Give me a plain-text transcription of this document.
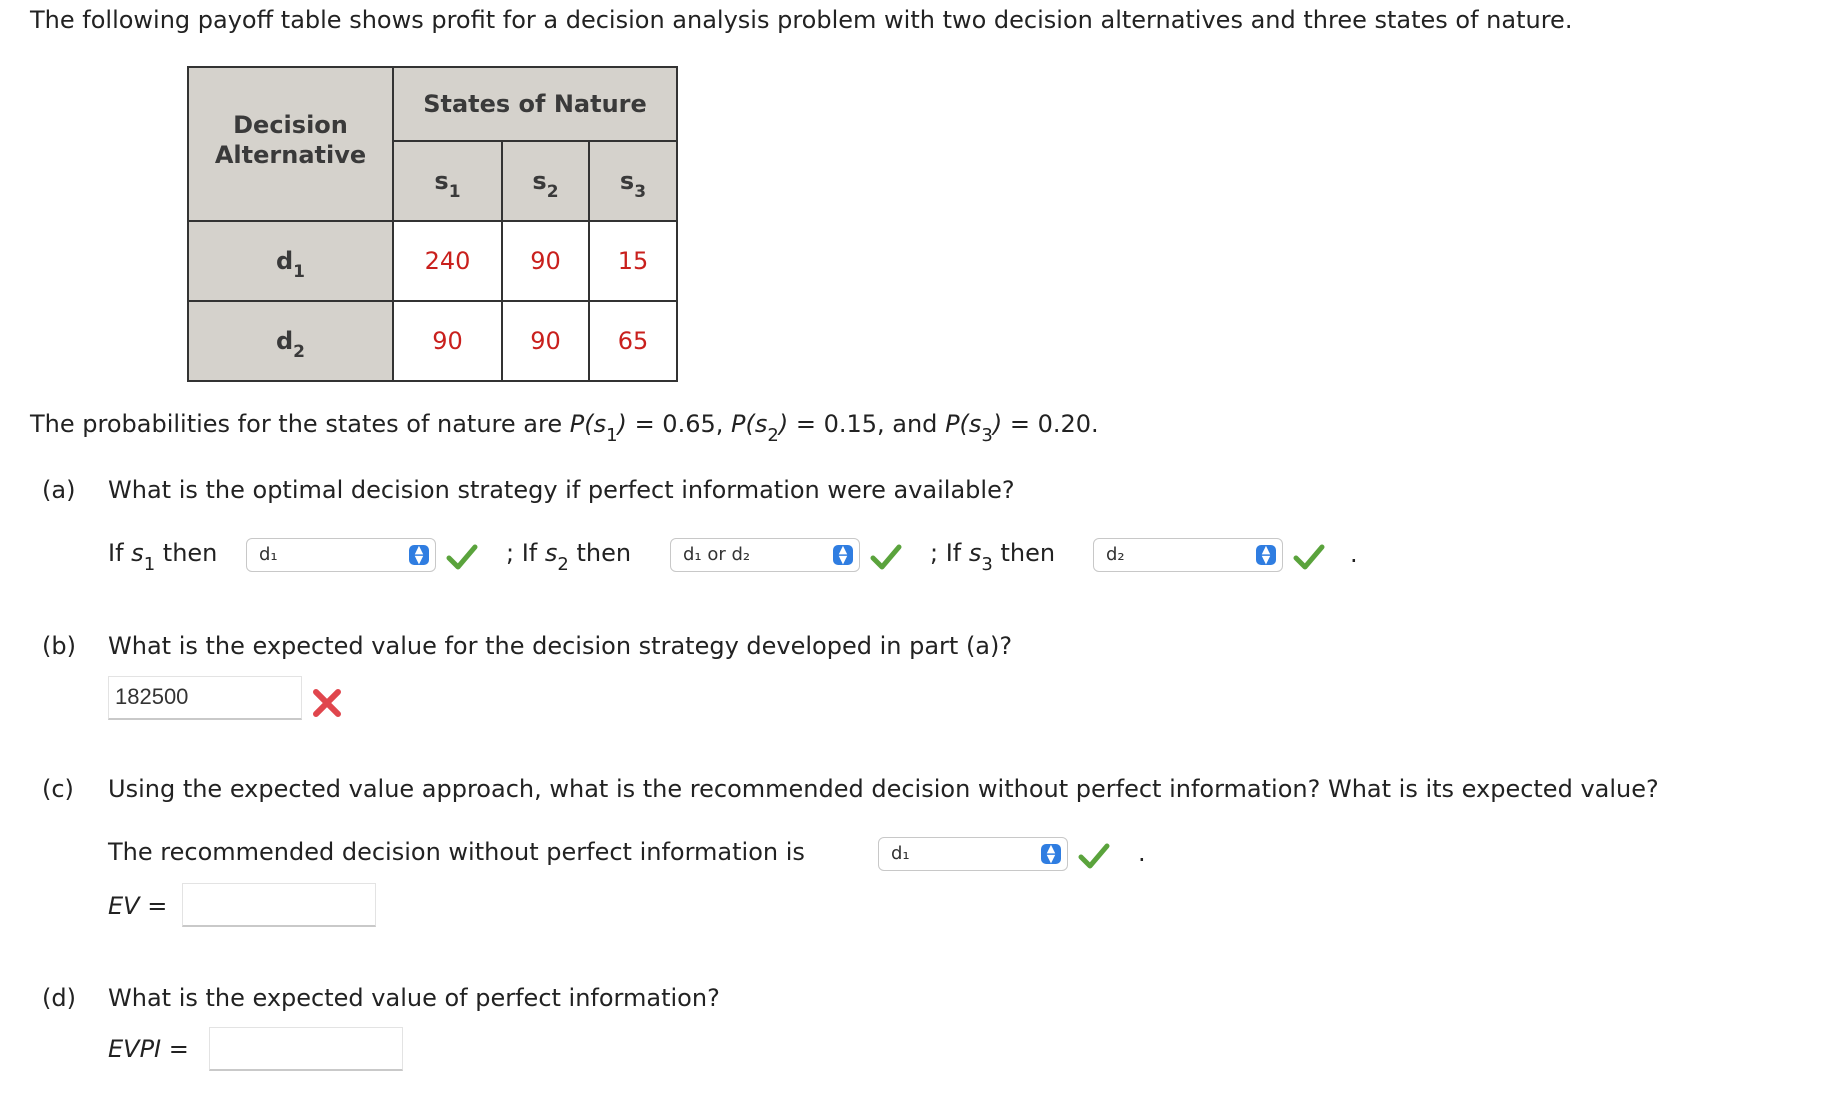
The following payoff table shows profit for a decision analysis problem with two decision alternatives and three states of nature.
Decision
Alternative	States of Nature		
	$s_1$	$s_2$	$s_3$
$d_1$	240	90	15
$d_2$	90	90	65
The probabilities for the states of nature are $P(s_1) = 0.65$, $P(s_2) = 0.15$, and $P(s_3) = 0.20$.
(a) What is the optimal decision strategy if perfect information were available?
If $s_1$ then	d₁	▲
▼	; If $s_2$ then	d₁ or d₂	▲
▼	; If $s_3$ then	d₂	▲
▼	.
(b) What is the expected value for the decision strategy developed in part (a)?
182500
(c) Using the expected value approach, what is the recommended decision without perfect information? What is its expected value?
The recommended decision without perfect information is	d₁	▲
▼	.
EV =
(d) What is the expected value of perfect information?
EVPI =
